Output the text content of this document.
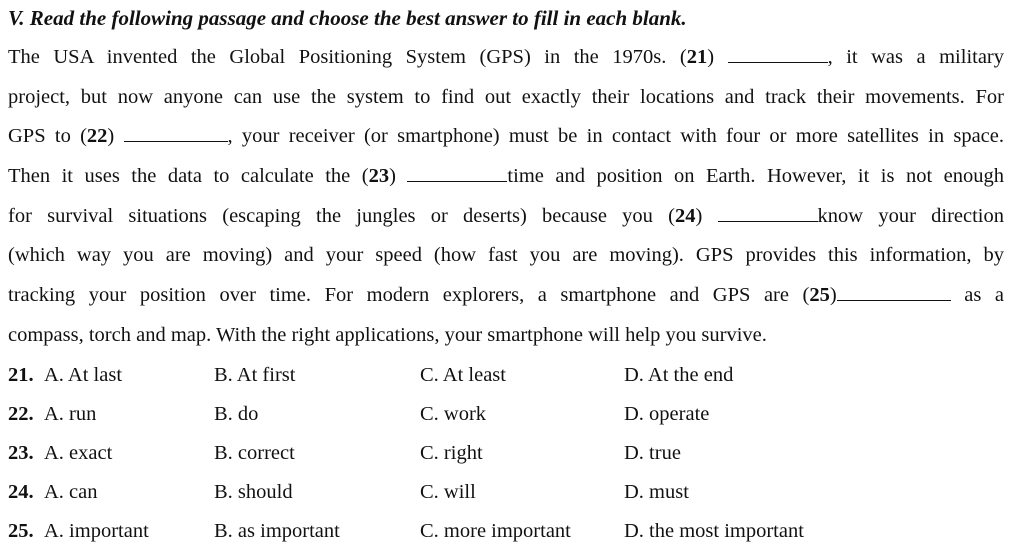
V. Read the following passage and choose the best answer to fill in each blank.
The USA invented the Global Positioning System (GPS) in the 1970s. (21)	, it was a military
project, but now anyone can use the system to find out exactly their locations and track their movements. For
GPS to (22)	, your receiver (or smartphone) must be in contact with four or more satellites in space.
Then it uses the data to calculate the (23)	time and position on Earth. However, it is not enough
for survival situations (escaping the jungles or deserts) because you (24)	know your direction
(which way you are moving) and your speed (how fast you are moving). GPS provides this information, by
tracking your position over time. For modern explorers, a smartphone and GPS are (25)	as a
compass, torch and map. With the right applications, your smartphone will help you survive.
21. A. At last	B. At first	C. At least	D. At the end
22. A. run	B. do	C. work	D. operate
23. A. exact	B. correct	C. right	D. true
24. A. can	B. should	C. will	D. must
25. A. important	B. as important	C. more important	D. the most important
